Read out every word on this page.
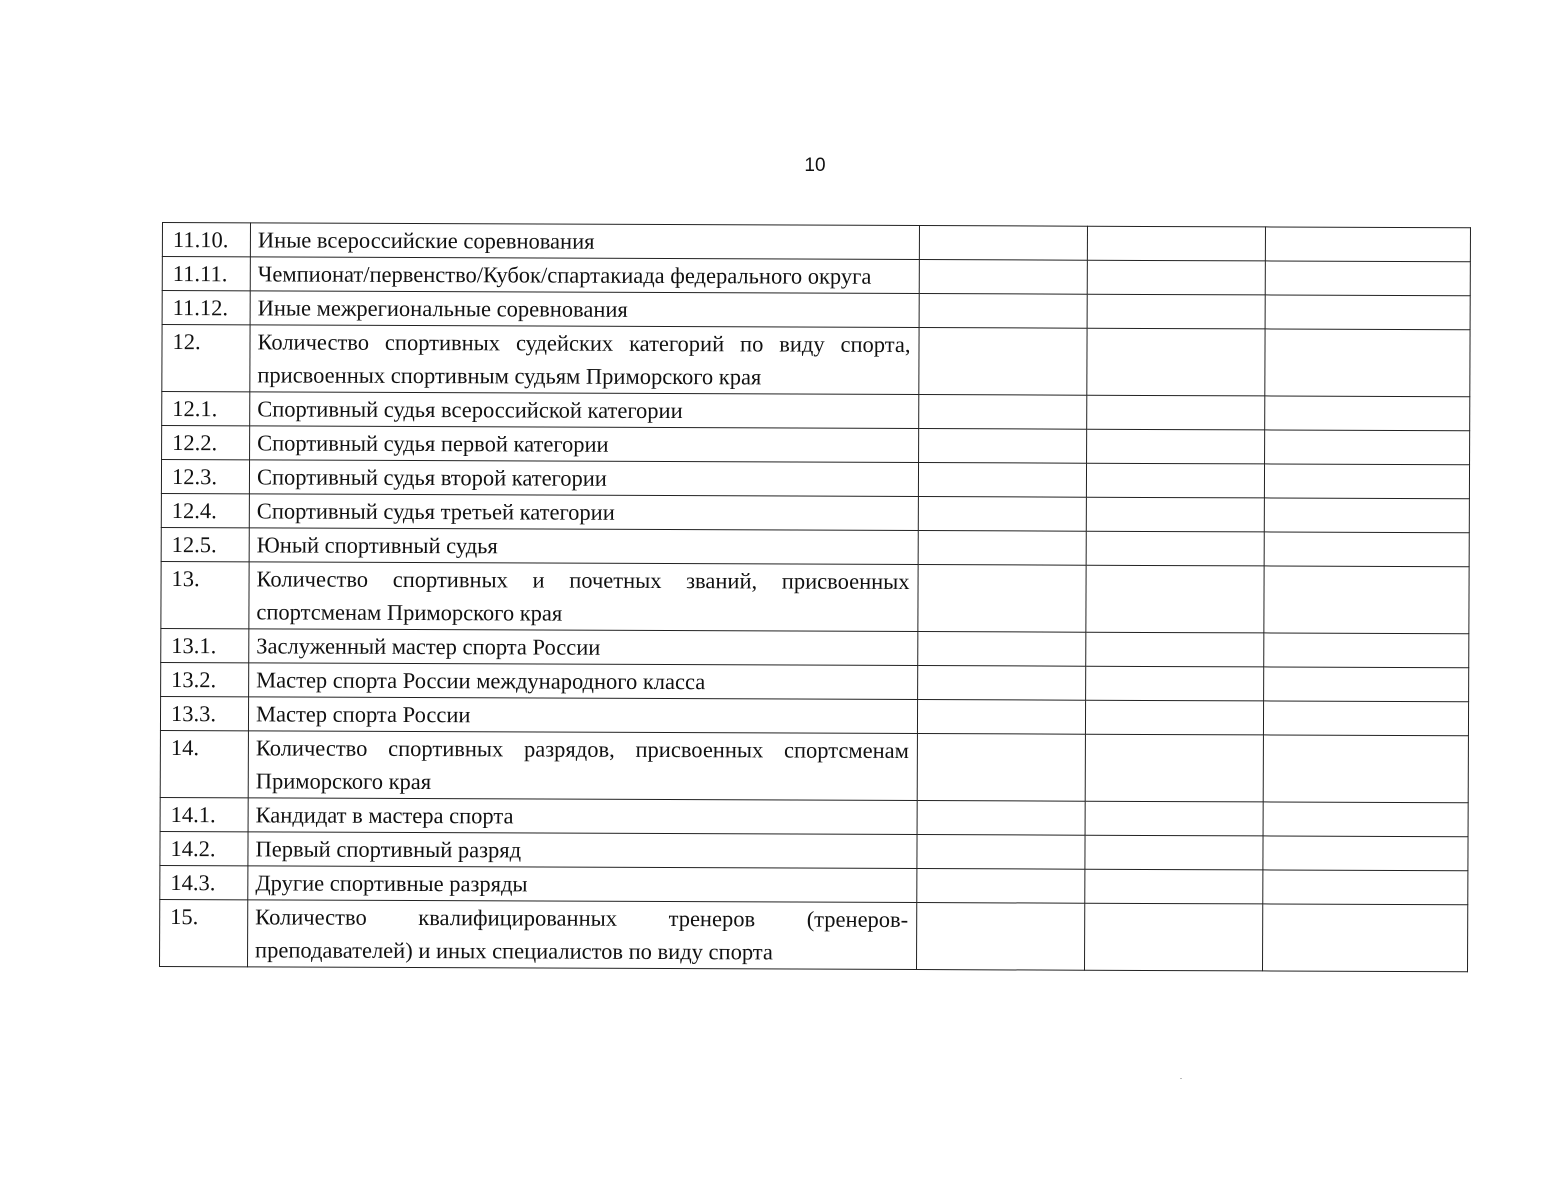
10
11.10.	Иные всероссийские соревнования			
11.11.	Чемпионат/первенство/Кубок/спартакиада федерального округа			
11.12.	Иные межрегиональные соревнования			
12.	Количество спортивных судейских категорий по виду спорта, присвоенных спортивным судьям Приморского края			
12.1.	Спортивный судья всероссийской категории			
12.2.	Спортивный судья первой категории			
12.3.	Спортивный судья второй категории			
12.4.	Спортивный судья третьей категории			
12.5.	Юный спортивный судья			
13.	Количество спортивных и почетных званий, присвоенных спортсменам Приморского края			
13.1.	Заслуженный мастер спорта России			
13.2.	Мастер спорта России международного класса			
13.3.	Мастер спорта России			
14.	Количество спортивных разрядов, присвоенных спортсменам Приморского края			
14.1.	Кандидат в мастера спорта			
14.2.	Первый спортивный разряд			
14.3.	Другие спортивные разряды			
15.	Количество квалифицированных тренеров (тренеров-преподавателей) и иных специалистов по виду спорта			
